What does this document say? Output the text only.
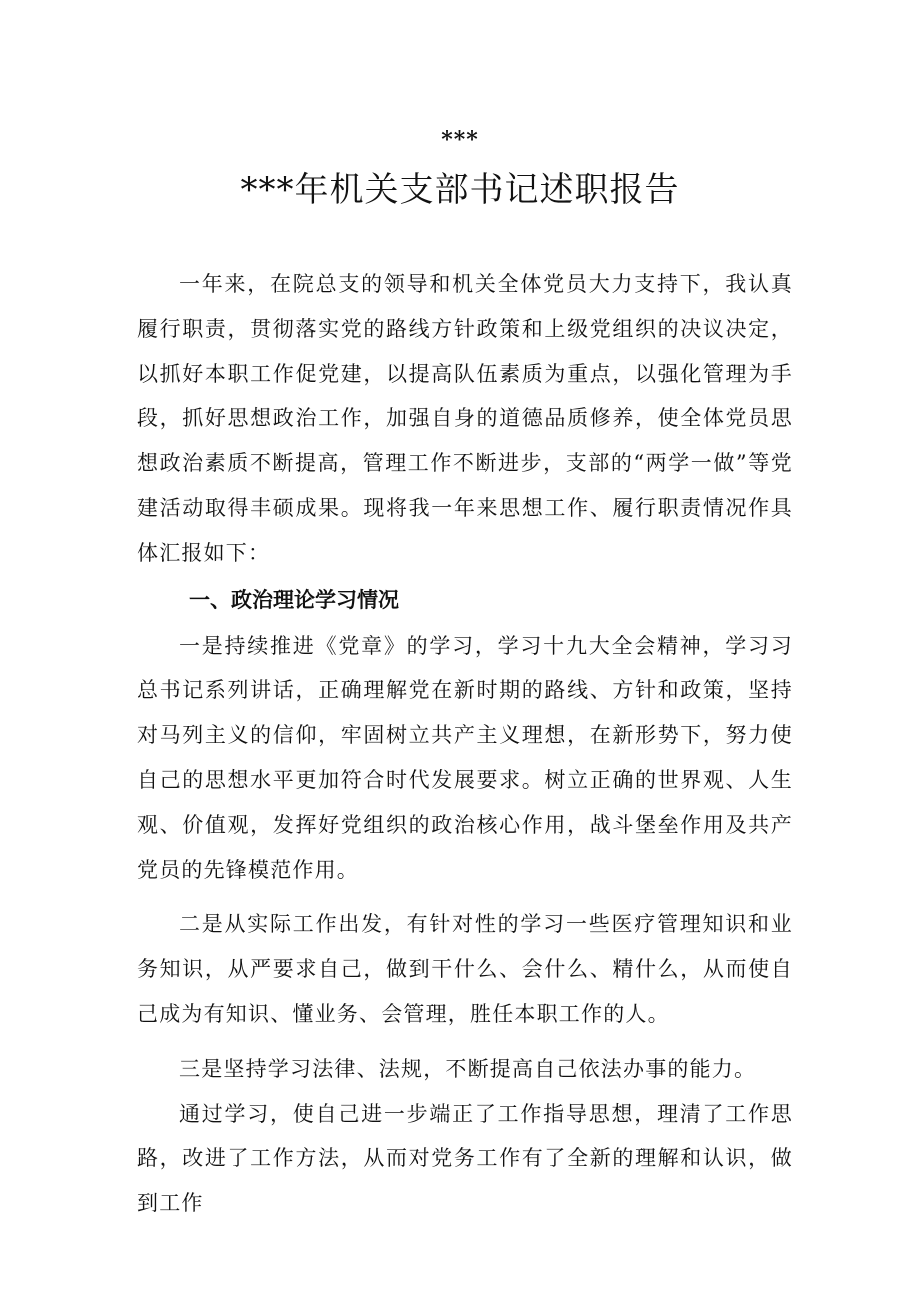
***
***年机关支部书记述职报告

一年来，在院总支的领导和机关全体党员大力支持下，我认真履行职责，贯彻落实党的路线方针政策和上级党组织的决议决定，以抓好本职工作促党建，以提高队伍素质为重点，以强化管理为手段，抓好思想政治工作，加强自身的道德品质修养，使全体党员思想政治素质不断提高，管理工作不断进步，支部的“两学一做”等党建活动取得丰硕成果。现将我一年来思想工作、履行职责情况作具体汇报如下：

一、政治理论学习情况

一是持续推进《党章》的学习，学习十九大全会精神，学习习总书记系列讲话，正确理解党在新时期的路线、方针和政策，坚持对马列主义的信仰，牢固树立共产主义理想，在新形势下，努力使自己的思想水平更加符合时代发展要求。树立正确的世界观、人生观、价值观，发挥好党组织的政治核心作用，战斗堡垒作用及共产党员的先锋模范作用。

二是从实际工作出发，有针对性的学习一些医疗管理知识和业务知识，从严要求自己，做到干什么、会什么、精什么，从而使自己成为有知识、懂业务、会管理，胜任本职工作的人。

三是坚持学习法律、法规，不断提高自己依法办事的能力。

通过学习，使自己进一步端正了工作指导思想，理清了工作思路，改进了工作方法，从而对党务工作有了全新的理解和认识，做到工作
